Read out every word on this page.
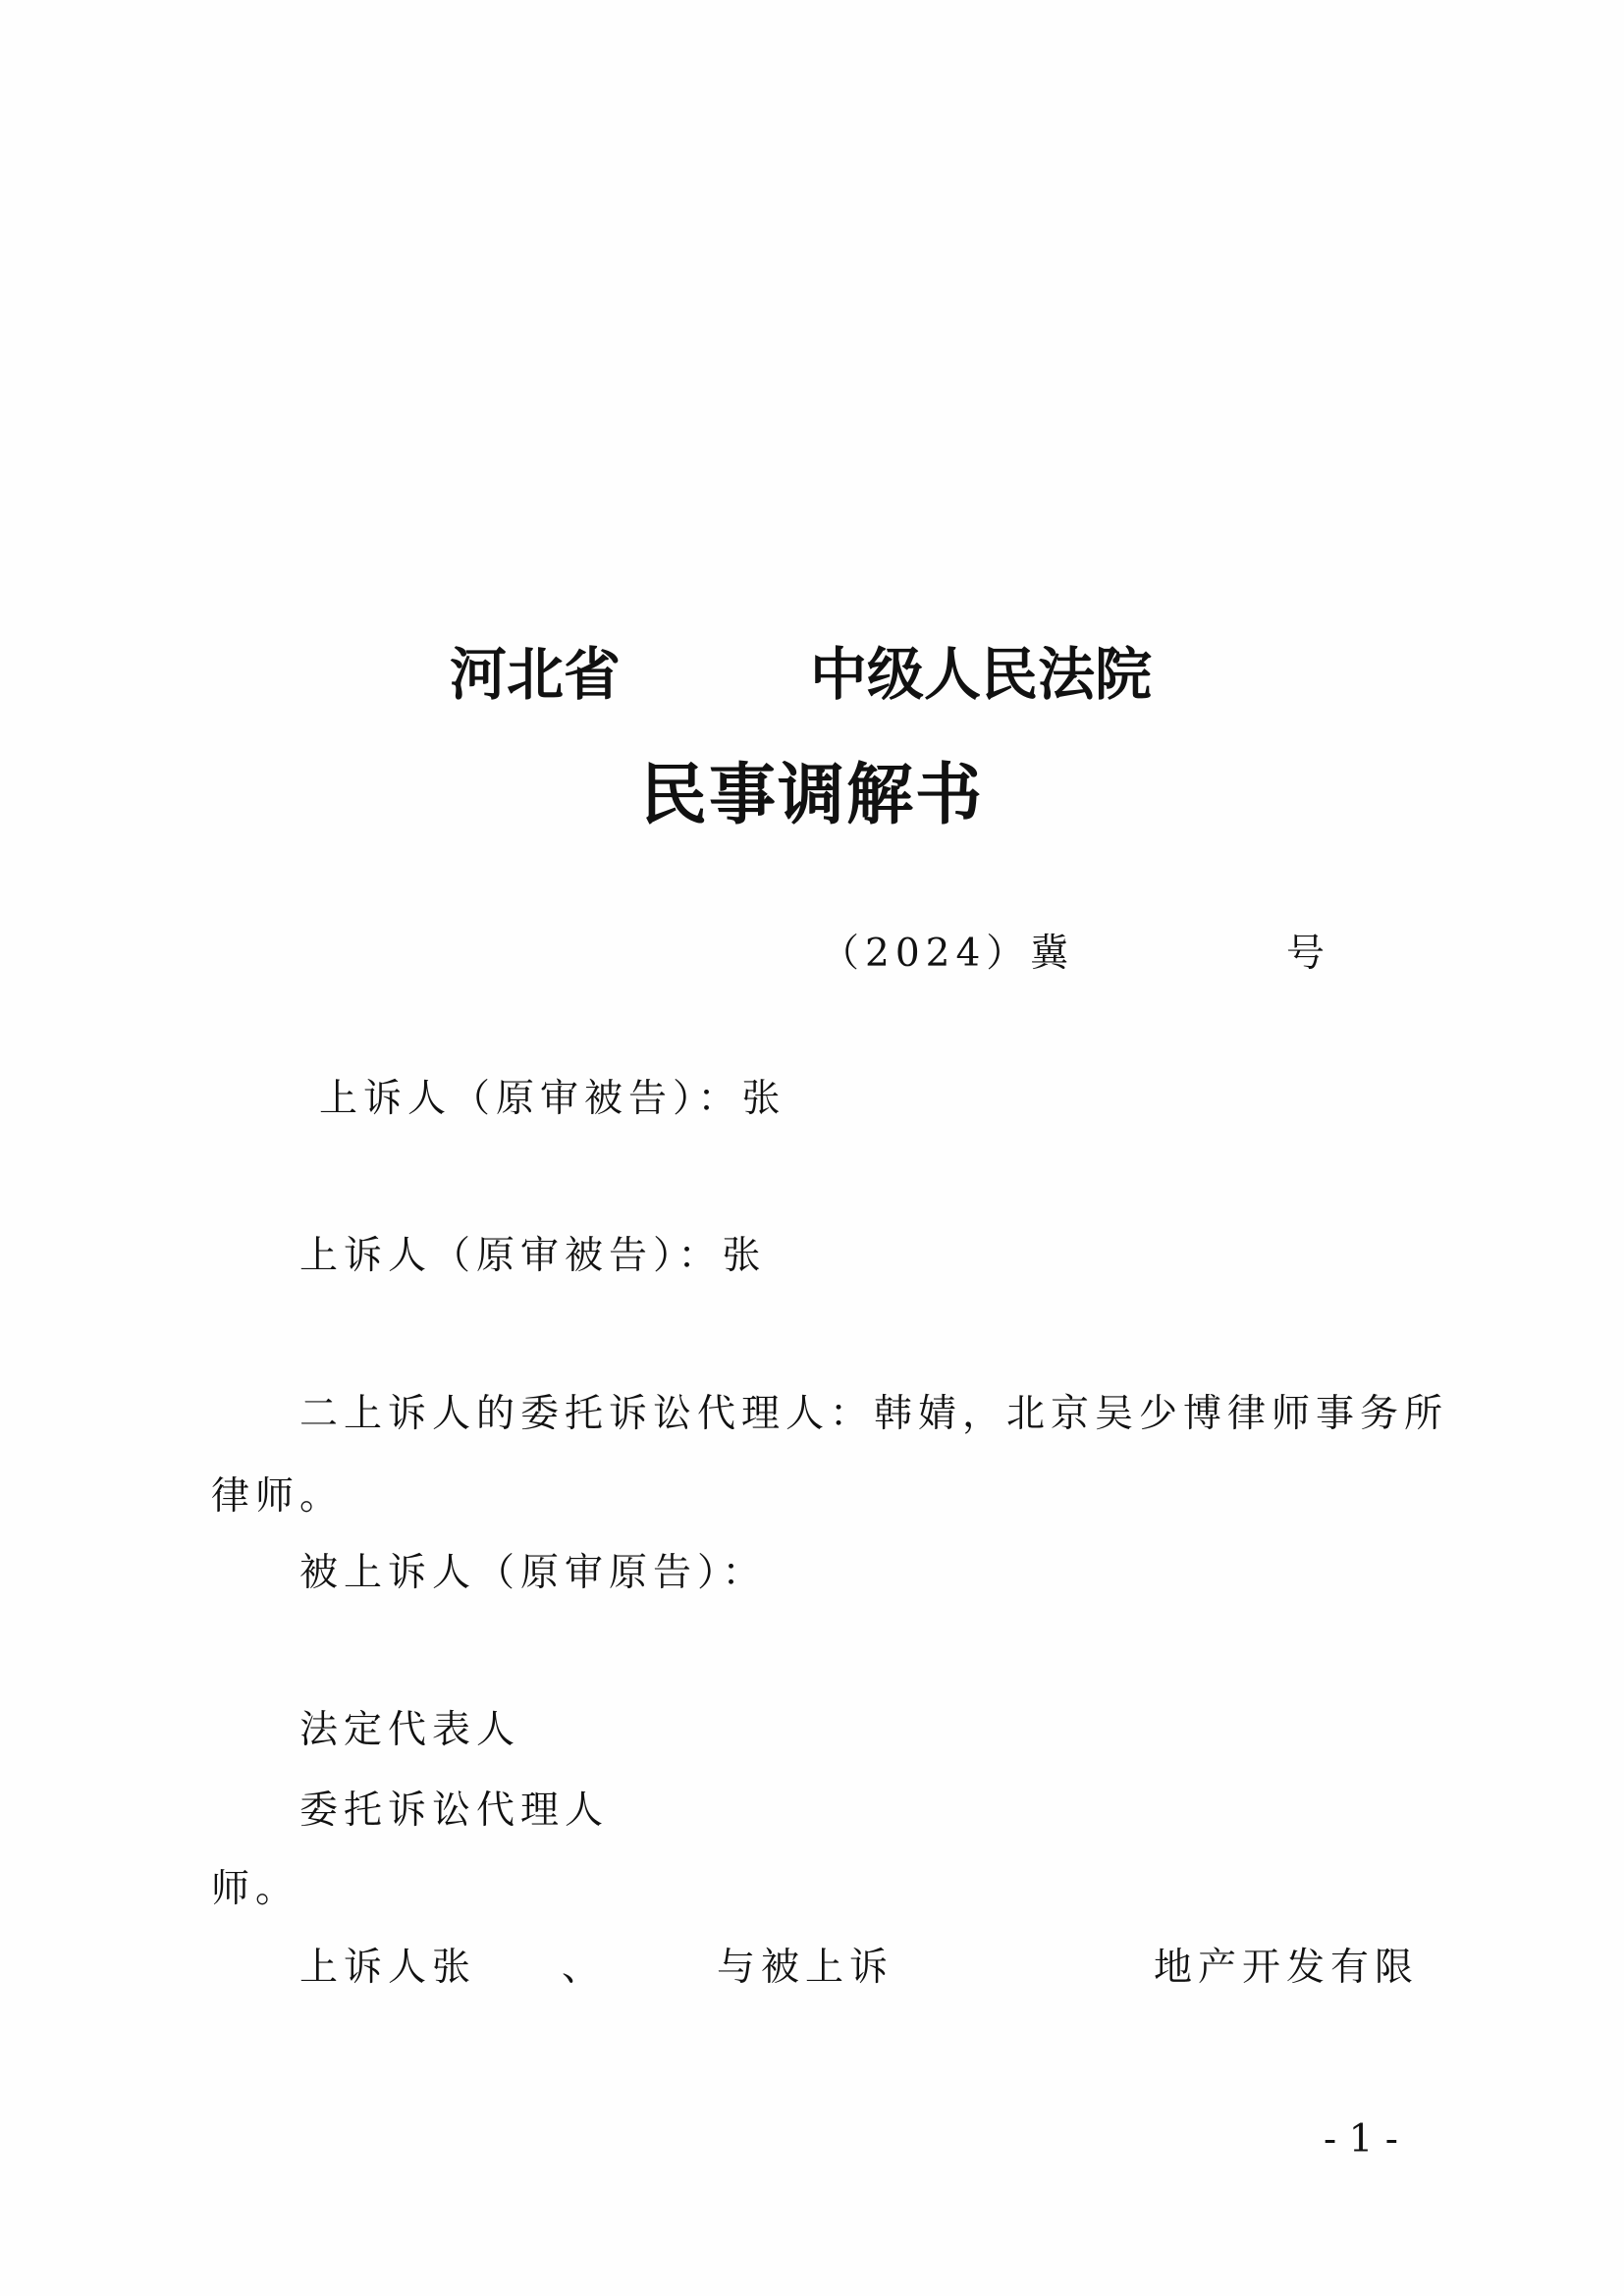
河北省	中级人民法院
民事调解书
（2024）冀	号
上诉人（原审被告）：张
上诉人（原审被告）：张
二上诉人的委托诉讼代理人：韩婧，北京吴少博律师事务所
律师。
被上诉人（原审原告）：
法定代表人
委托诉讼代理人
师。
上诉人张 、	与被上诉	地产开发有限
- 1 -
